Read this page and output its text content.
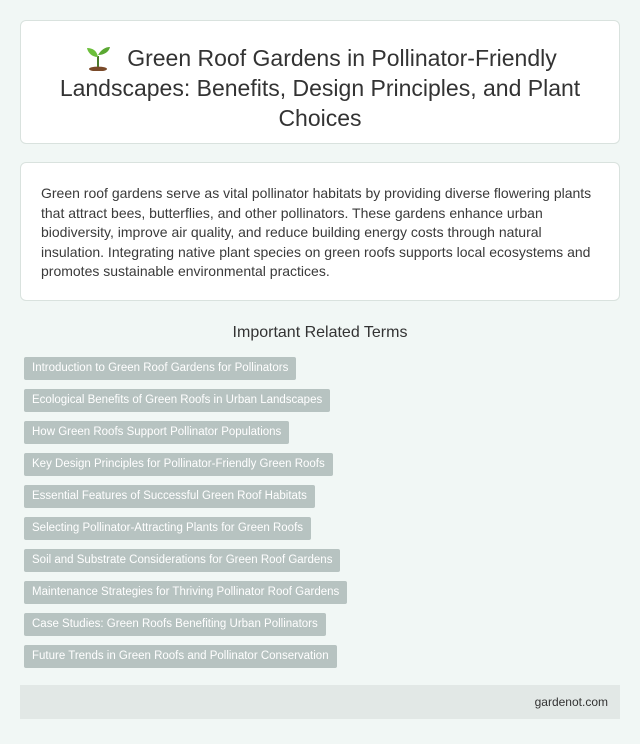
Green Roof Gardens in Pollinator-Friendly Landscapes: Benefits, Design Principles, and Plant Choices

Green roof gardens serve as vital pollinator habitats by providing diverse flowering plants that attract bees, butterflies, and other pollinators. These gardens enhance urban biodiversity, improve air quality, and reduce building energy costs through natural insulation. Integrating native plant species on green roofs supports local ecosystems and promotes sustainable environmental practices.

Important Related Terms
Introduction to Green Roof Gardens for Pollinators
Ecological Benefits of Green Roofs in Urban Landscapes
How Green Roofs Support Pollinator Populations
Key Design Principles for Pollinator-Friendly Green Roofs
Essential Features of Successful Green Roof Habitats
Selecting Pollinator-Attracting Plants for Green Roofs
Soil and Substrate Considerations for Green Roof Gardens
Maintenance Strategies for Thriving Pollinator Roof Gardens
Case Studies: Green Roofs Benefiting Urban Pollinators
Future Trends in Green Roofs and Pollinator Conservation
gardenot.com
